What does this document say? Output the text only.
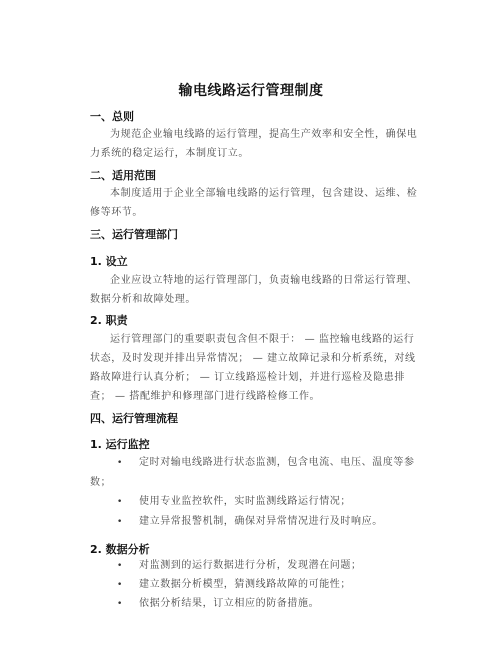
输电线路运行管理制度
一、总则
为规范企业输电线路的运行管理，提高生产效率和安全性，确保电力系统的稳定运行，本制度订立。
二、适用范围
本制度适用于企业全部输电线路的运行管理，包含建设、运维、检修等环节。
三、运行管理部门
1. 设立
企业应设立特地的运行管理部门，负责输电线路的日常运行管理、数据分析和故障处理。
2. 职责
运行管理部门的重要职责包含但不限于： — 监控输电线路的运行状态，及时发现并排出异常情况； — 建立故障记录和分析系统，对线路故障进行认真分析； — 订立线路巡检计划，并进行巡检及隐患排查； — 搭配维护和修理部门进行线路检修工作。
四、运行管理流程
1. 运行监控
• 定时对输电线路进行状态监测，包含电流、电压、温度等参数；
• 使用专业监控软件，实时监测线路运行情况；
• 建立异常报警机制，确保对异常情况进行及时响应。
2. 数据分析
• 对监测到的运行数据进行分析，发现潜在问题；
• 建立数据分析模型，猜测线路故障的可能性；
• 依据分析结果，订立相应的防备措施。
